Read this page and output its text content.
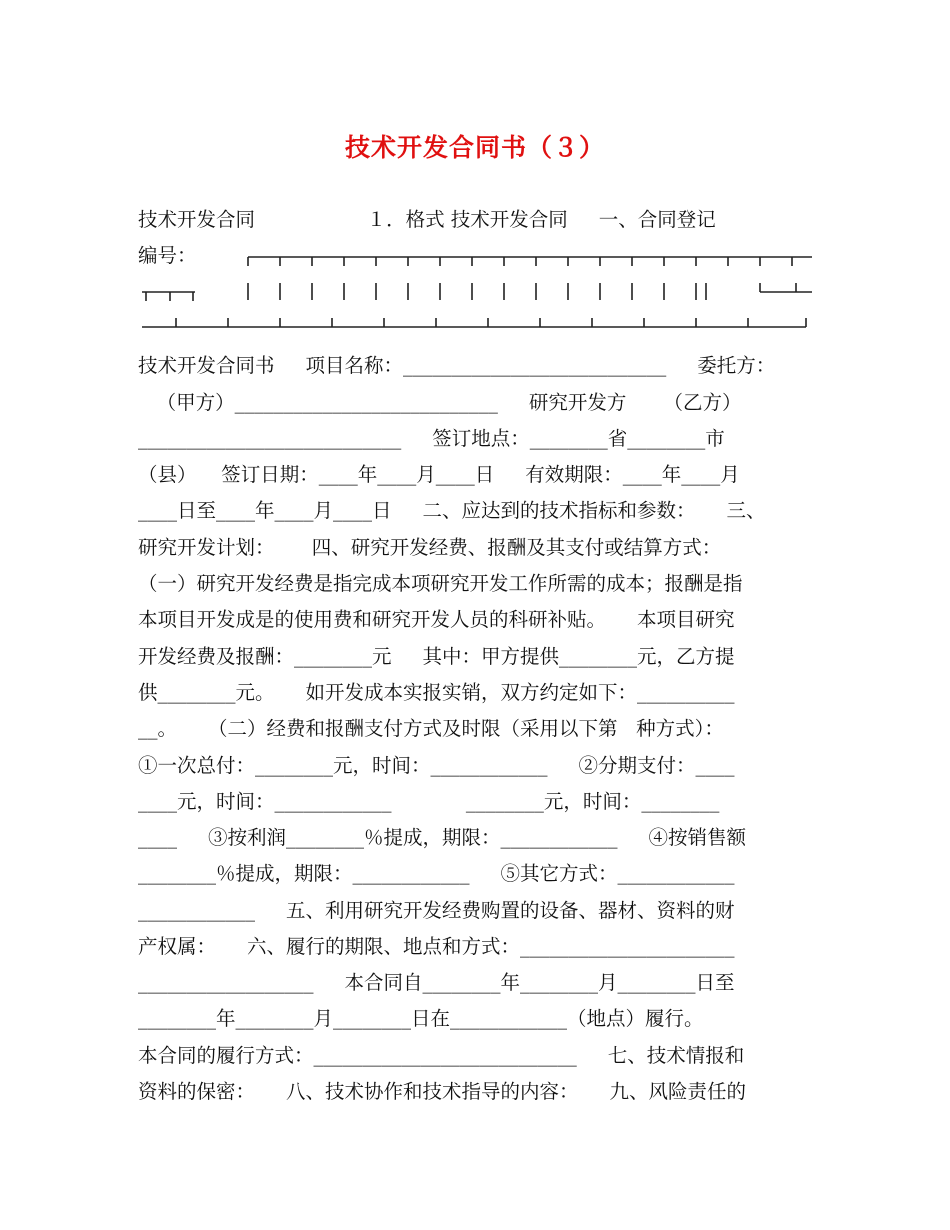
技术开发合同书（３）
技术开发合同                  １．格式 技术开发合同     一、合同登记
编号：
技术开发合同书     项目名称：___________________________     委托方：
（甲方）___________________________     研究开发方      （乙方）
___________________________     签订地点：________省________市
（县）    签订日期：____年____月____日     有效期限：____年____月
____日至____年____月____日     二、应达到的技术指标和参数：     三、
研究开发计划：      四、研究开发经费、报酬及其支付或结算方式：
（一）研究开发经费是指完成本项研究开发工作所需的成本；报酬是指
本项目开发成是的使用费和研究开发人员的科研补贴。     本项目研究
开发经费及报酬：________元     其中：甲方提供________元，乙方提
供________元。     如开发成本实报实销，双方约定如下：__________
__。     （二）经费和报酬支付方式及时限（采用以下第   种方式）：
①一次总付：________元，时间：____________     ②分期支付：____
____元，时间：____________            ________元，时间：________
____     ③按利润________％提成，期限：____________     ④按销售额
________％提成，期限：____________     ⑤其它方式：____________
____________     五、利用研究开发经费购置的设备、器材、资料的财
产权属：     六、履行的期限、地点和方式：______________________
__________________     本合同自________年________月________日至
________年________月________日在____________（地点）履行。
本合同的履行方式：___________________________     七、技术情报和
资料的保密：     八、技术协作和技术指导的内容：     九、风险责任的
